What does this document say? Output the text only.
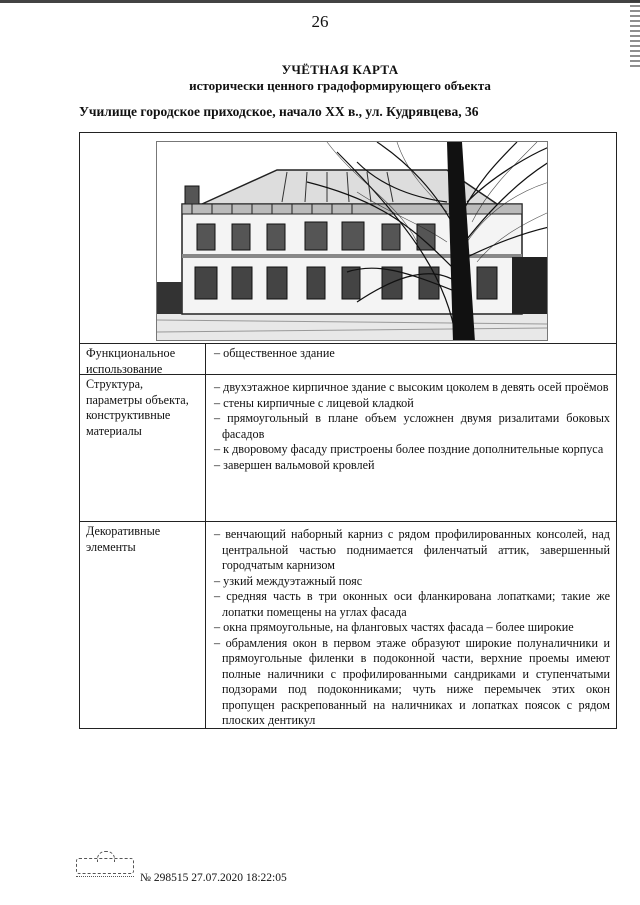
26
УЧЁТНАЯ КАРТА
исторически ценного градоформирующего объекта
Училище городское приходское, начало XX в., ул. Кудрявцева, 36
Функциональное использование
– общественное здание
Структура, параметры объекта, конструктивные материалы
– двухэтажное кирпичное здание с высоким цоколем в девять осей проёмов
– стены кирпичные с лицевой кладкой
– прямоугольный в плане объем усложнен двумя ризалитами боковых фасадов
– к дворовому фасаду пристроены более поздние дополнительные корпуса
– завершен вальмовой кровлей
Декоративные элементы
– венчающий наборный карниз с рядом профилированных консолей, над центральной частью поднимается филенчатый аттик, завершенный городчатым карнизом
– узкий междуэтажный пояс
– средняя часть в три оконных оси фланкирована лопатками; такие же лопатки помещены на углах фасада
– окна прямоугольные, на фланговых частях фасада – более широкие
– обрамления окон в первом этаже образуют широкие полуналичники и прямоугольные филенки в подоконной части, верхние проемы имеют полные наличники с профилированными сандриками и ступенчатыми подзорами под подоконниками; чуть ниже перемычек этих окон пропущен раскрепованный на наличниках и лопатках поясок с рядом плоских дентикул
№ 298515 27.07.2020 18:22:05
